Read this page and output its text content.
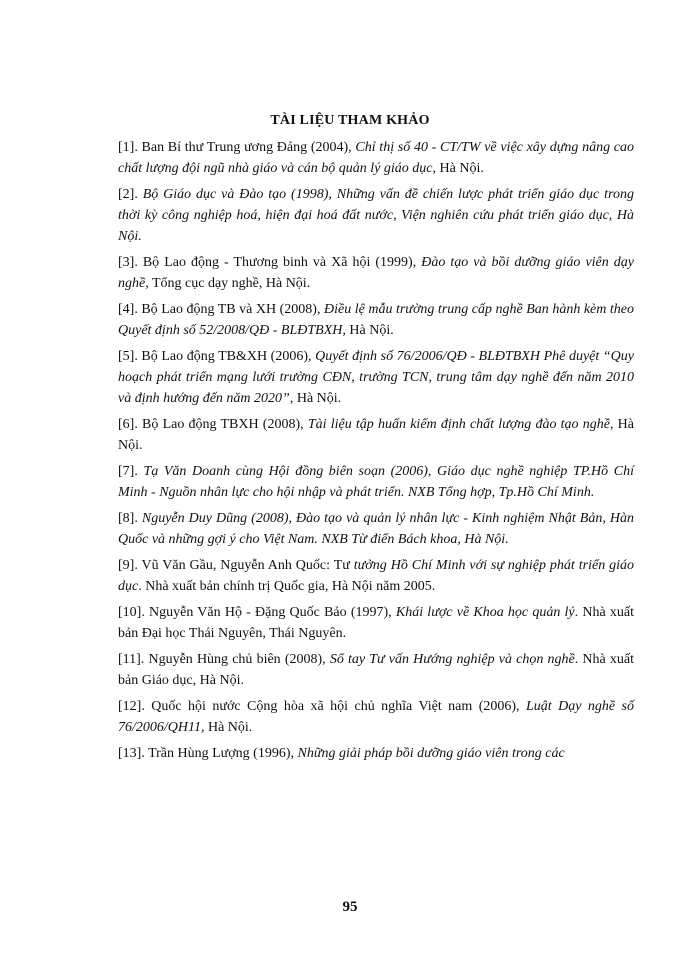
TÀI LIỆU THAM KHẢO

[1]. Ban Bí thư Trung ương Đảng (2004), Chỉ thị số 40 - CT/TW về việc xây dựng nâng cao chất lượng đội ngũ nhà giáo và cán bộ quản lý giáo dục, Hà Nội.

[2]. Bộ Giáo dục và Đào tạo (1998), Những vấn đề chiến lược phát triển giáo dục trong thời kỳ công nghiệp hoá, hiện đại hoá đất nước, Viện nghiên cứu phát triển giáo dục, Hà Nội.

[3]. Bộ Lao động - Thương binh và Xã hội (1999), Đào tạo và bồi dưỡng giáo viên dạy nghề, Tổng cục dạy nghề, Hà Nội.

[4]. Bộ Lao động TB và XH (2008), Điều lệ mẫu trường trung cấp nghề Ban hành kèm theo Quyết định số 52/2008/QĐ - BLĐTBXH, Hà Nội.

[5]. Bộ Lao động TB&XH (2006), Quyết định số 76/2006/QĐ - BLĐTBXH Phê duyệt “Quy hoạch phát triển mạng lưới trường CĐN, trường TCN, trung tâm dạy nghề đến năm 2010 và định hướng đến năm 2020”, Hà Nội.

[6]. Bộ Lao động TBXH (2008), Tài liệu tập huấn kiểm định chất lượng đào tạo nghề, Hà Nội.

[7]. Tạ Văn Doanh cùng Hội đồng biên soạn (2006), Giáo dục nghề nghiệp TP.Hồ Chí Minh - Nguồn nhân lực cho hội nhập và phát triển. NXB Tổng hợp, Tp.Hồ Chí Minh.

[8]. Nguyễn Duy Dũng (2008), Đào tạo và quản lý nhân lực - Kinh nghiệm Nhật Bản, Hàn Quốc và những gợi ý cho Việt Nam. NXB Từ điển Bách khoa, Hà Nội.

[9]. Vũ Văn Gầu, Nguyễn Anh Quốc: Tư tưởng Hồ Chí Minh với sự nghiệp phát triển giáo dục. Nhà xuất bản chính trị Quốc gia, Hà Nội năm 2005.

[10]. Nguyễn Văn Hộ - Đặng Quốc Bảo (1997), Khái lược về Khoa học quản lý. Nhà xuất bản Đại học Thái Nguyên, Thái Nguyên.

[11]. Nguyễn Hùng chủ biên (2008), Sổ tay Tư vấn Hướng nghiệp và chọn nghề. Nhà xuất bản Giáo dục, Hà Nội.

[12]. Quốc hội nước Cộng hòa xã hội chủ nghĩa Việt nam (2006), Luật Dạy nghề số 76/2006/QH11, Hà Nội.

[13]. Trần Hùng Lượng (1996), Những giải pháp bồi dưỡng giáo viên trong các

95
